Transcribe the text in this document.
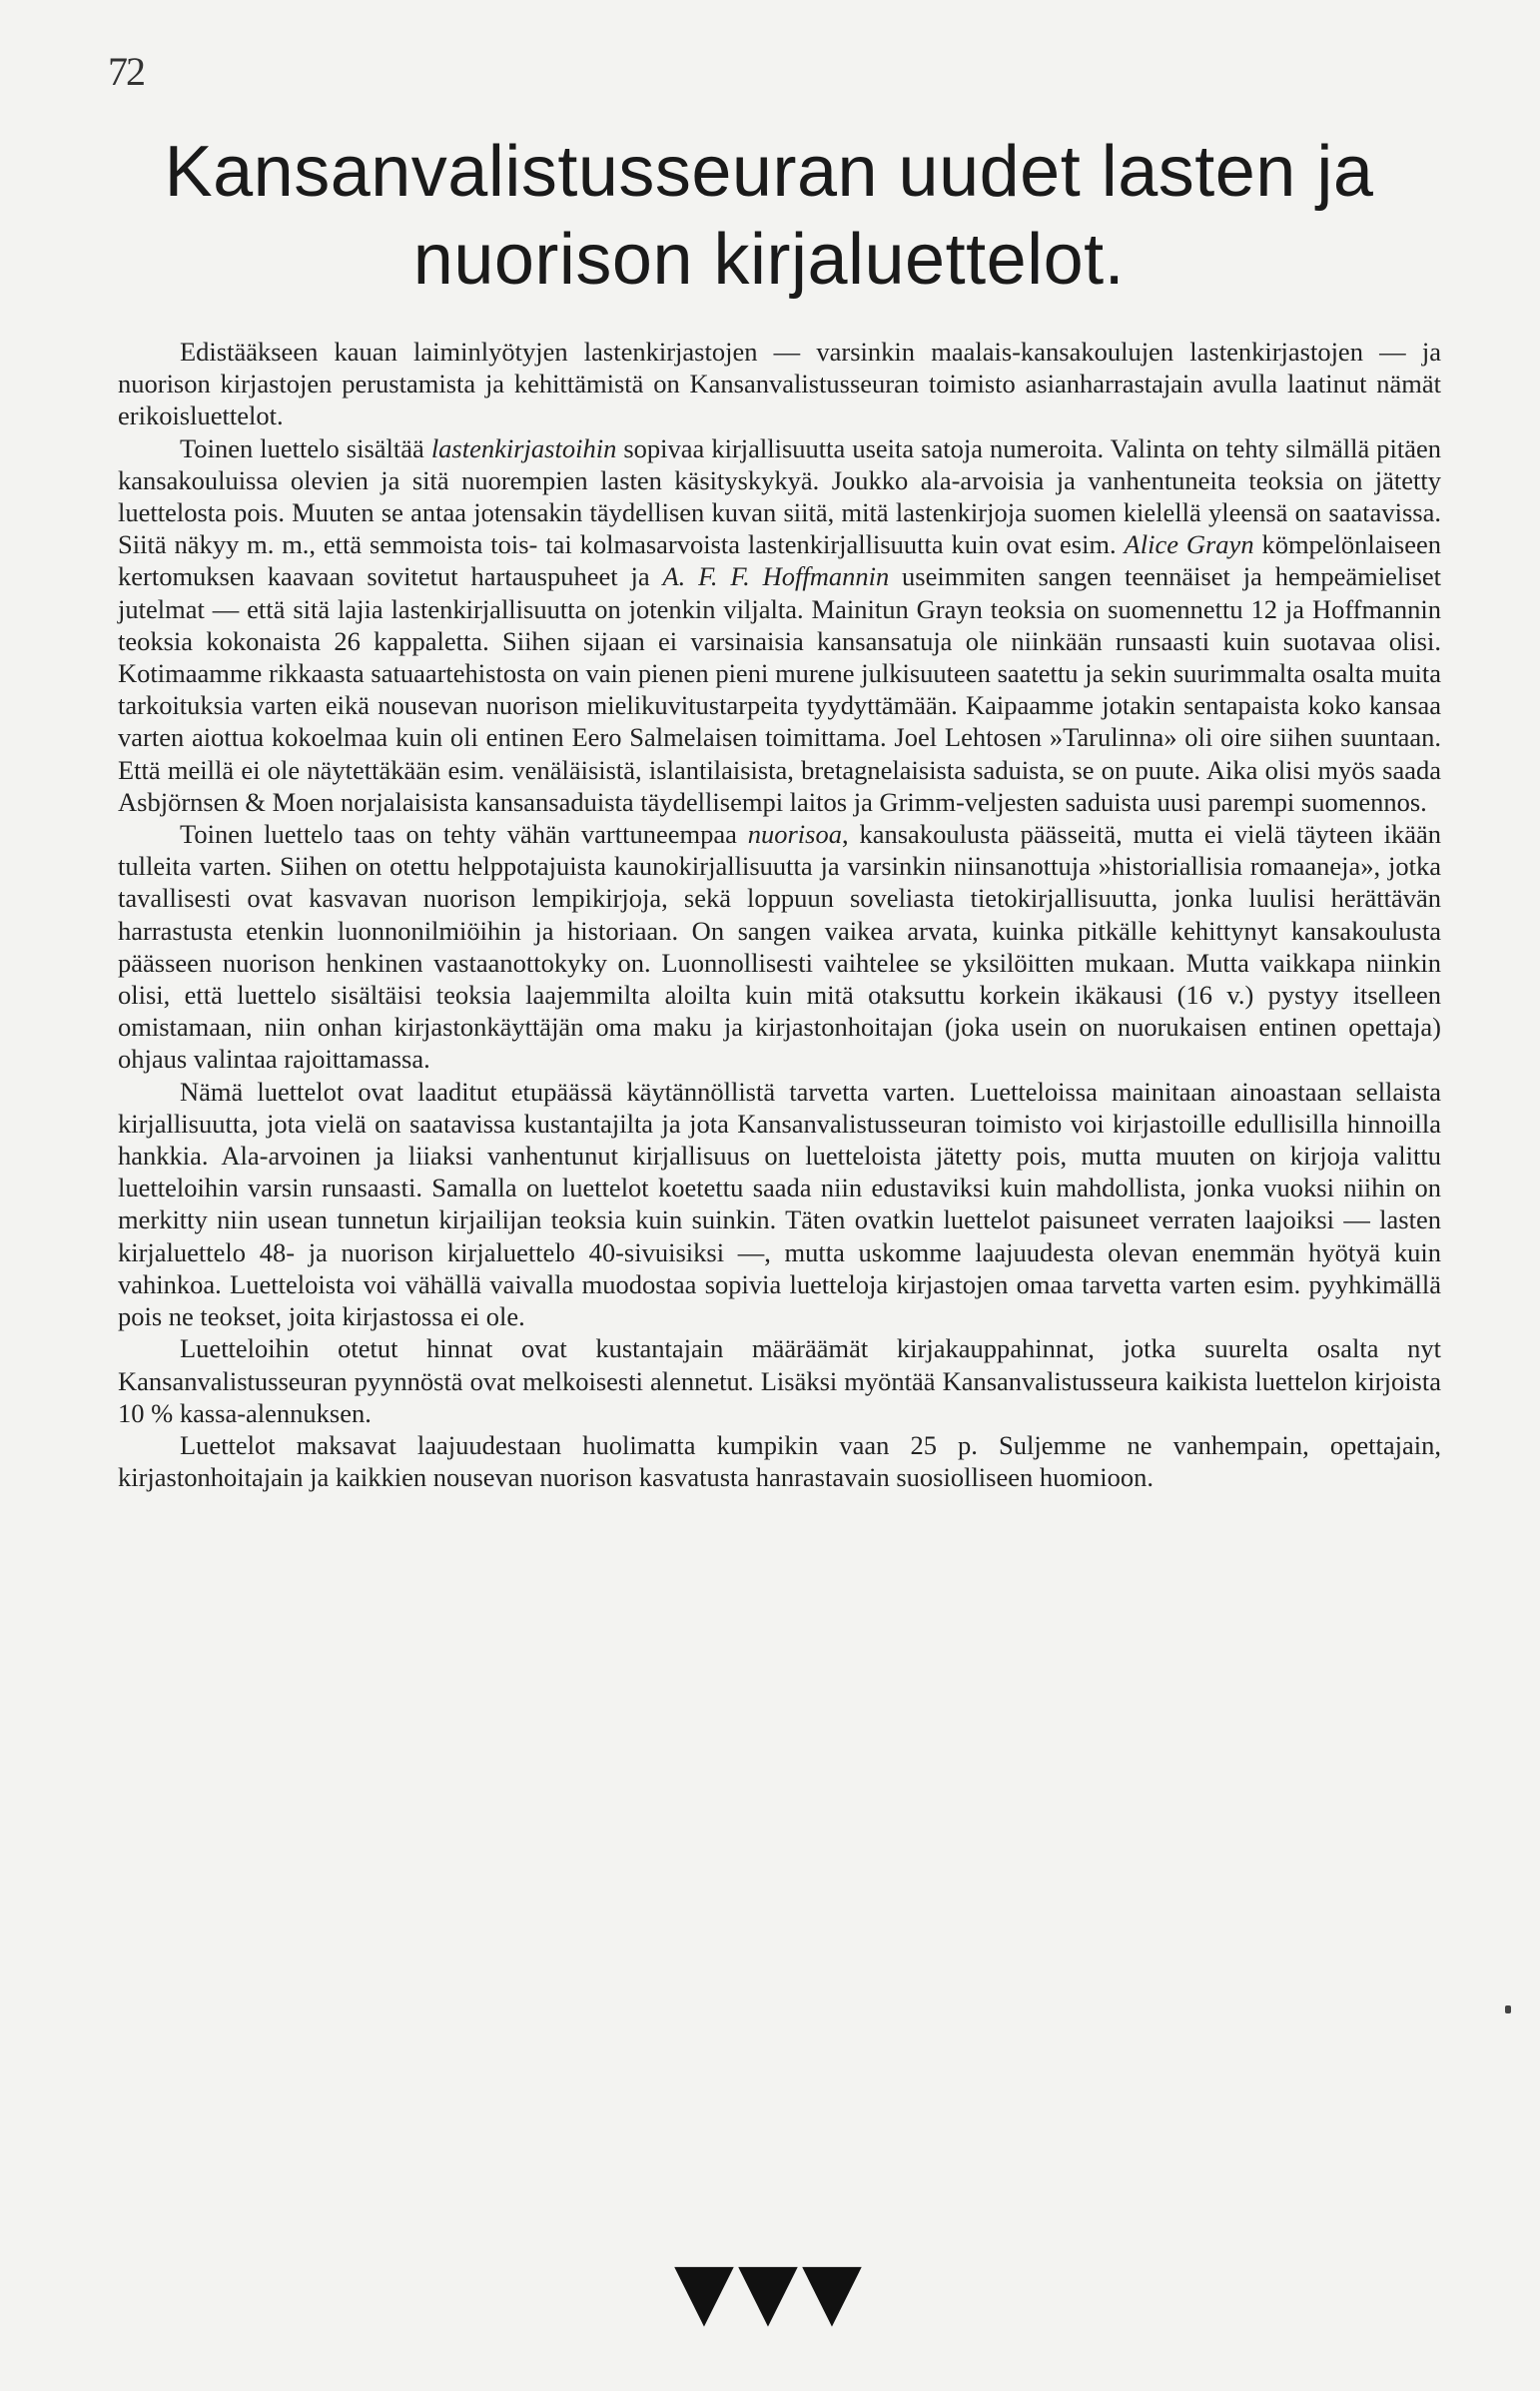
72
Kansanvalistusseuran uudet lasten ja nuorison kirjaluettelot.

Edistääkseen kauan laiminlyötyjen lastenkirjastojen — varsinkin maalais-kansakoulujen lastenkirjastojen — ja nuorison kirjastojen perustamista ja kehittämistä on Kansanvalistusseuran toimisto asianharrastajain avulla laatinut nämät erikoisluettelot.

Toinen luettelo sisältää lastenkirjastoihin sopivaa kirjallisuutta useita satoja numeroita. Valinta on tehty silmällä pitäen kansakouluissa olevien ja sitä nuorempien lasten käsityskykyä. Joukko ala-arvoisia ja vanhentuneita teoksia on jätetty luettelosta pois. Muuten se antaa jotensakin täydellisen kuvan siitä, mitä lastenkirjoja suomen kielellä yleensä on saatavissa. Siitä näkyy m. m., että semmoista tois- tai kolmasarvoista lastenkirjallisuutta kuin ovat esim. Alice Grayn kömpelönlaiseen kertomuksen kaavaan sovitetut hartauspuheet ja A. F. F. Hoffmannin useimmiten sangen teennäiset ja hempeämieliset jutelmat — että sitä lajia lastenkirjallisuutta on jotenkin viljalta. Mainitun Grayn teoksia on suomennettu 12 ja Hoffmannin teoksia kokonaista 26 kappaletta. Siihen sijaan ei varsinaisia kansansatuja ole niinkään runsaasti kuin suotavaa olisi. Kotimaamme rikkaasta satuaartehistosta on vain pienen pieni murene julkisuuteen saatettu ja sekin suurimmalta osalta muita tarkoituksia varten eikä nousevan nuorison mielikuvitustarpeita tyydyttämään. Kaipaamme jotakin sentapaista koko kansaa varten aiottua kokoelmaa kuin oli entinen Eero Salmelaisen toimittama. Joel Lehtosen »Tarulinna» oli oire siihen suuntaan. Että meillä ei ole näytettäkään esim. venäläisistä, islantilaisista, bretagnelaisista saduista, se on puute. Aika olisi myös saada Asbjörnsen & Moen norjalaisista kansansaduista täydellisempi laitos ja Grimm-veljesten saduista uusi parempi suomennos.

Toinen luettelo taas on tehty vähän varttuneempaa nuorisoa, kansakoulusta päässeitä, mutta ei vielä täyteen ikään tulleita varten. Siihen on otettu helppotajuista kaunokirjallisuutta ja varsinkin niinsanottuja »historiallisia romaaneja», jotka tavallisesti ovat kasvavan nuorison lempikirjoja, sekä loppuun soveliasta tietokirjallisuutta, jonka luulisi herättävän harrastusta etenkin luonnonilmiöihin ja historiaan. On sangen vaikea arvata, kuinka pitkälle kehittynyt kansakoulusta päässeen nuorison henkinen vastaanottokyky on. Luonnollisesti vaihtelee se yksilöitten mukaan. Mutta vaikkapa niinkin olisi, että luettelo sisältäisi teoksia laajemmilta aloilta kuin mitä otaksuttu korkein ikäkausi (16 v.) pystyy itselleen omistamaan, niin onhan kirjastonkäyttäjän oma maku ja kirjastonhoitajan (joka usein on nuorukaisen entinen opettaja) ohjaus valintaa rajoittamassa.

Nämä luettelot ovat laaditut etupäässä käytännöllistä tarvetta varten. Luetteloissa mainitaan ainoastaan sellaista kirjallisuutta, jota vielä on saatavissa kustantajilta ja jota Kansanvalistusseuran toimisto voi kirjastoille edullisilla hinnoilla hankkia. Ala-arvoinen ja liiaksi vanhentunut kirjallisuus on luetteloista jätetty pois, mutta muuten on kirjoja valittu luetteloihin varsin runsaasti. Samalla on luettelot koetettu saada niin edustaviksi kuin mahdollista, jonka vuoksi niihin on merkitty niin usean tunnetun kirjailijan teoksia kuin suinkin. Täten ovatkin luettelot paisuneet verraten laajoiksi — lasten kirjaluettelo 48- ja nuorison kirjaluettelo 40-sivuisiksi —, mutta uskomme laajuudesta olevan enemmän hyötyä kuin vahinkoa. Luetteloista voi vähällä vaivalla muodostaa sopivia luetteloja kirjastojen omaa tarvetta varten esim. pyyhkimällä pois ne teokset, joita kirjastossa ei ole.

Luetteloihin otetut hinnat ovat kustantajain määräämät kirjakauppahinnat, jotka suurelta osalta nyt Kansanvalistusseuran pyynnöstä ovat melkoisesti alennetut. Lisäksi myöntää Kansanvalistusseura kaikista luettelon kirjoista 10 % kassa-alennuksen.

Luettelot maksavat laajuudestaan huolimatta kumpikin vaan 25 p. Suljemme ne vanhempain, opettajain, kirjastonhoitajain ja kaikkien nousevan nuorison kasvatusta hanrastavain suosiolliseen huomioon.

▼▼▼
